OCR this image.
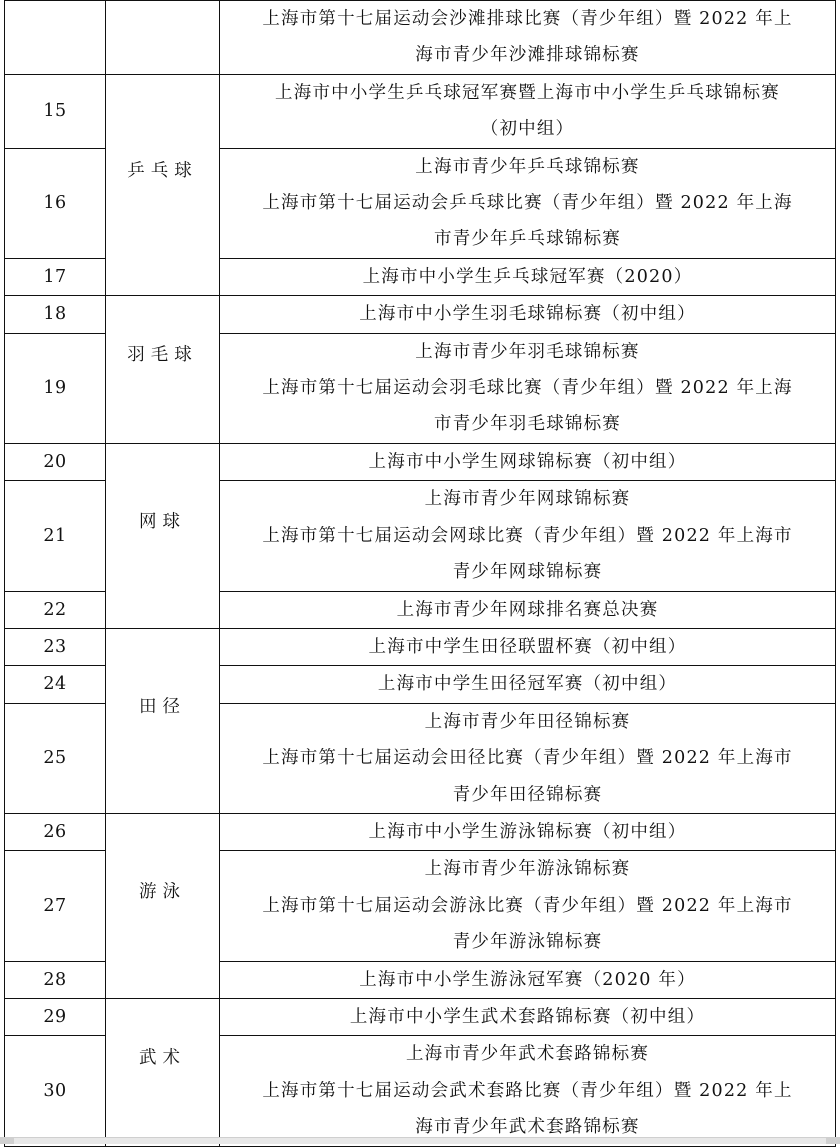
		上海市第十七届运动会沙滩排球比赛（青少年组）暨 2022 年上
海市青少年沙滩排球锦标赛

15	乒乓球	上海市中小学生乒乓球冠军赛暨上海市中小学生乒乓球锦标赛
（初中组）

16		上海市青少年乒乓球锦标赛
上海市第十七届运动会乒乓球比赛（青少年组）暨 2022 年上海
市青少年乒乓球锦标赛

17		上海市中小学生乒乓球冠军赛（2020）

18	羽毛球	上海市中小学生羽毛球锦标赛（初中组）

19		上海市青少年羽毛球锦标赛
上海市第十七届运动会羽毛球比赛（青少年组）暨 2022 年上海
市青少年羽毛球锦标赛

20	网球	上海市中小学生网球锦标赛（初中组）

21		上海市青少年网球锦标赛
上海市第十七届运动会网球比赛（青少年组）暨 2022 年上海市
青少年网球锦标赛

22		上海市青少年网球排名赛总决赛

23	田径	上海市中学生田径联盟杯赛（初中组）

24		上海市中学生田径冠军赛（初中组）

25		上海市青少年田径锦标赛
上海市第十七届运动会田径比赛（青少年组）暨 2022 年上海市
青少年田径锦标赛

26	游泳	上海市中小学生游泳锦标赛（初中组）

27		上海市青少年游泳锦标赛
上海市第十七届运动会游泳比赛（青少年组）暨 2022 年上海市
青少年游泳锦标赛

28		上海市中小学生游泳冠军赛（2020 年）

29	武术	上海市中小学生武术套路锦标赛（初中组）

30		上海市青少年武术套路锦标赛
上海市第十七届运动会武术套路比赛（青少年组）暨 2022 年上
海市青少年武术套路锦标赛
